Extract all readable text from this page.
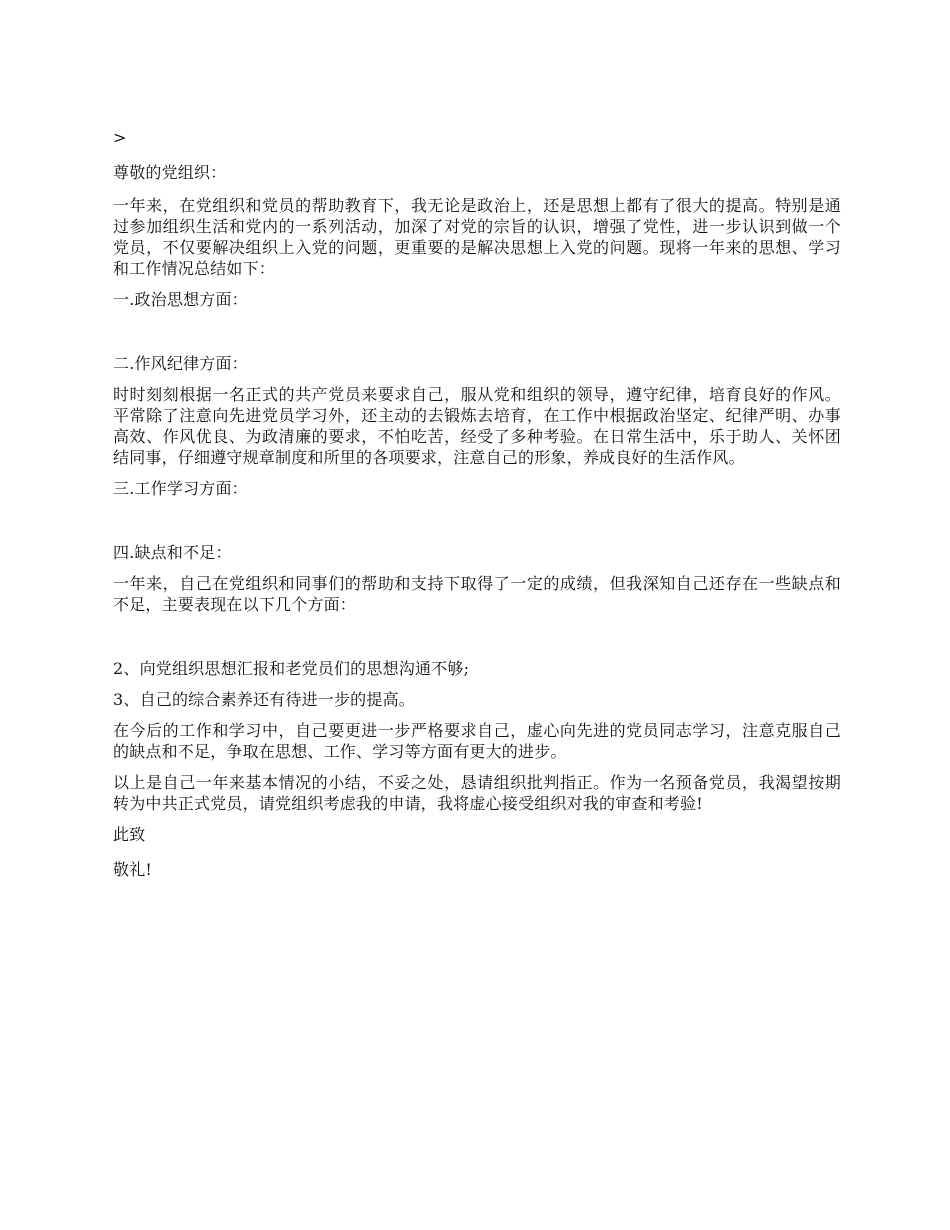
>

尊敬的党组织：

一年来，在党组织和党员的帮助教育下，我无论是政治上，还是思想上都有了很大的提高。特别是通过参加组织生活和党内的一系列活动，加深了对党的宗旨的认识，增强了党性，进一步认识到做一个党员，不仅要解决组织上入党的问题，更重要的是解决思想上入党的问题。现将一年来的思想、学习和工作情况总结如下：

一.政治思想方面：

二.作风纪律方面：

时时刻刻根据一名正式的共产党员来要求自己，服从党和组织的领导，遵守纪律，培育良好的作风。平常除了注意向先进党员学习外，还主动的去锻炼去培育，在工作中根据政治坚定、纪律严明、办事高效、作风优良、为政清廉的要求，不怕吃苦，经受了多种考验。在日常生活中，乐于助人、关怀团结同事，仔细遵守规章制度和所里的各项要求，注意自己的形象，养成良好的生活作风。

三.工作学习方面：

四.缺点和不足：

一年来，自己在党组织和同事们的帮助和支持下取得了一定的成绩，但我深知自己还存在一些缺点和不足，主要表现在以下几个方面：

2、向党组织思想汇报和老党员们的思想沟通不够;

3、自己的综合素养还有待进一步的提高。

在今后的工作和学习中，自己要更进一步严格要求自己，虚心向先进的党员同志学习，注意克服自己的缺点和不足，争取在思想、工作、学习等方面有更大的进步。

以上是自己一年来基本情况的小结，不妥之处，恳请组织批判指正。作为一名预备党员，我渴望按期转为中共正式党员，请党组织考虑我的申请，我将虚心接受组织对我的审查和考验!

此致

敬礼!
